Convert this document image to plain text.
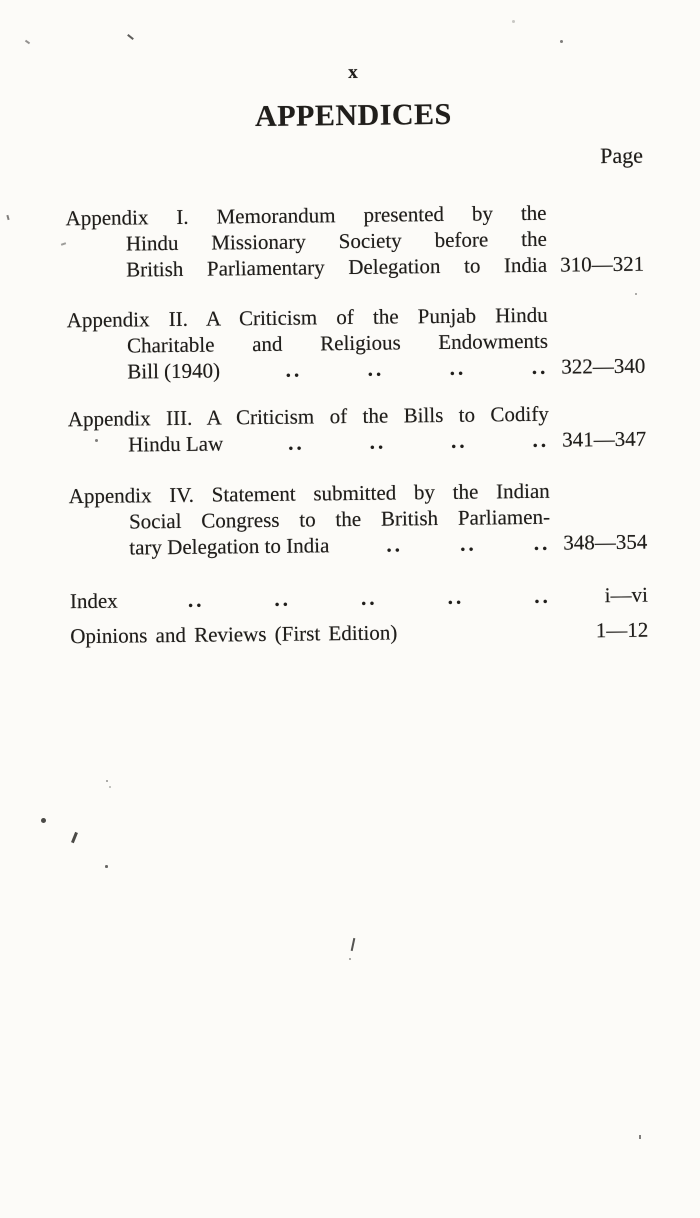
x
APPENDICES
Page
Appendix I. Memorandum presented by the
Hindu Missionary Society before the
British Parliamentary Delegation to India 310—321
Appendix II. A Criticism of the Punjab Hindu
Charitable and Religious Endowments
Bill (1940)	..	..	..	.. 322—340
Appendix III. A Criticism of the Bills to Codify
Hindu Law	..	..	..	.. 341—347
Appendix IV. Statement submitted by the Indian
Social Congress to the British Parliamen-
tary Delegation to India	..	..	.. 348—354
Index	..	..	..	..	..	i—vi
Opinions and Reviews (First Edition)	1—12
